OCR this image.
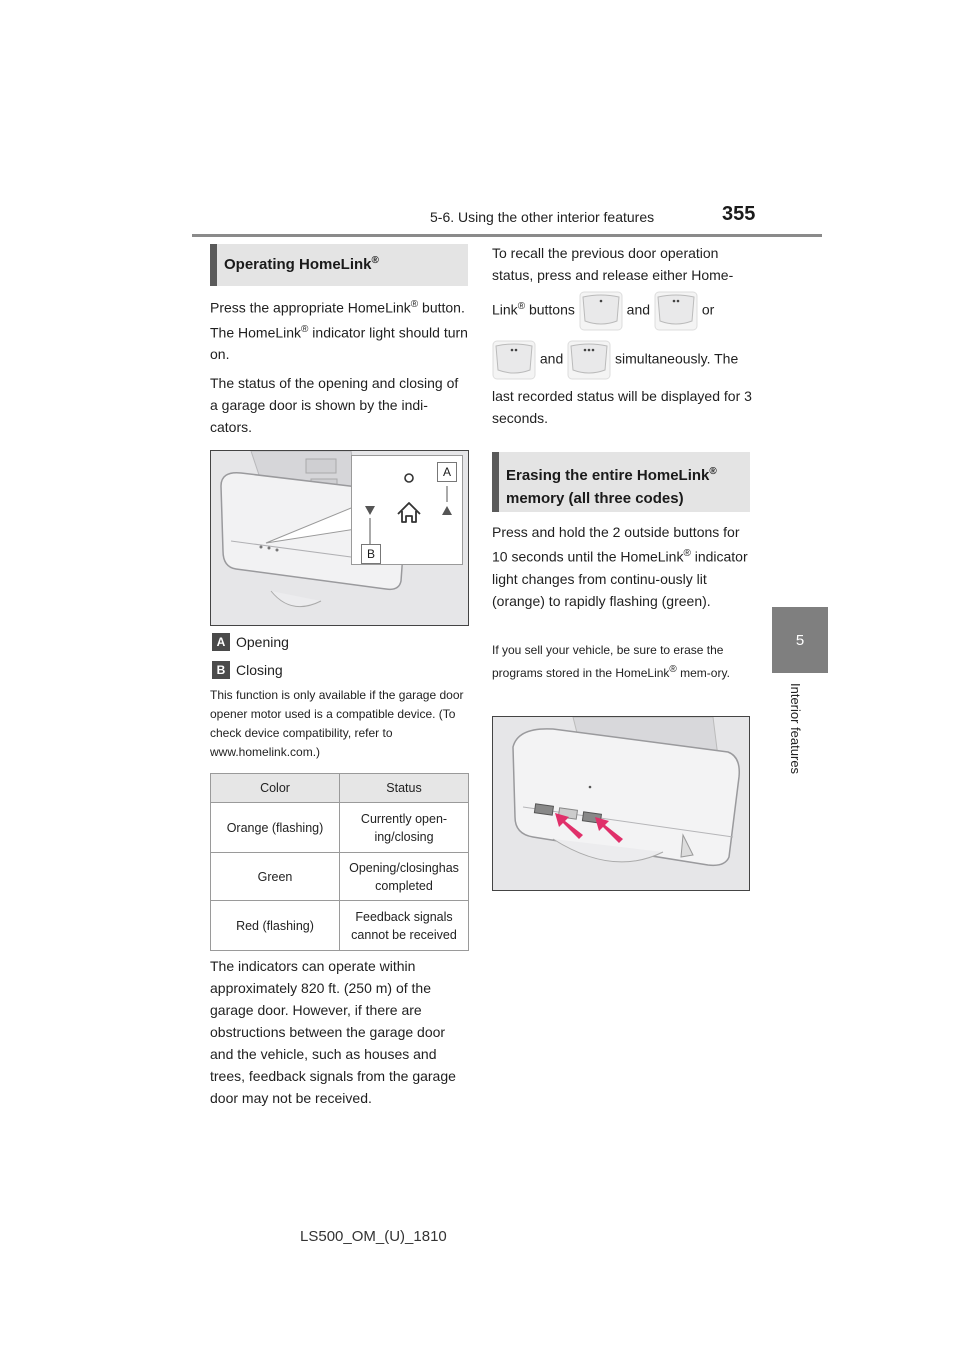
5-6. Using the other interior features	355
5
Interior features
Operating HomeLink®
Press the appropriate HomeLink® button. The HomeLink® indicator light should turn on.
The status of the opening and closing of a garage door is shown by the indi-cators.
A
B
A Opening
B Closing
This function is only available if the garage door opener motor used is a compatible device. (To check device compatibility, refer to www.homelink.com.)
Color	Status
Orange (flashing)	Currently open-ing/closing
Green	Opening/closinghas completed
Red (flashing)	Feedback signals cannot be received
The indicators can operate within approximately 820 ft. (250 m) of the garage door. However, if there are obstructions between the garage door and the vehicle, such as houses and trees, feedback signals from the garage door may not be received.
To recall the previous door operation status, press and release either Home-
Link® buttons	and	or
and	simultaneously. The
last recorded status will be displayed for 3 seconds.
Erasing the entire HomeLink®
memory (all three codes)
Press and hold the 2 outside buttons for 10 seconds until the HomeLink® indicator light changes from continu-ously lit (orange) to rapidly flashing (green).
If you sell your vehicle, be sure to erase the programs stored in the HomeLink® mem-ory.
LS500_OM_(U)_1810
